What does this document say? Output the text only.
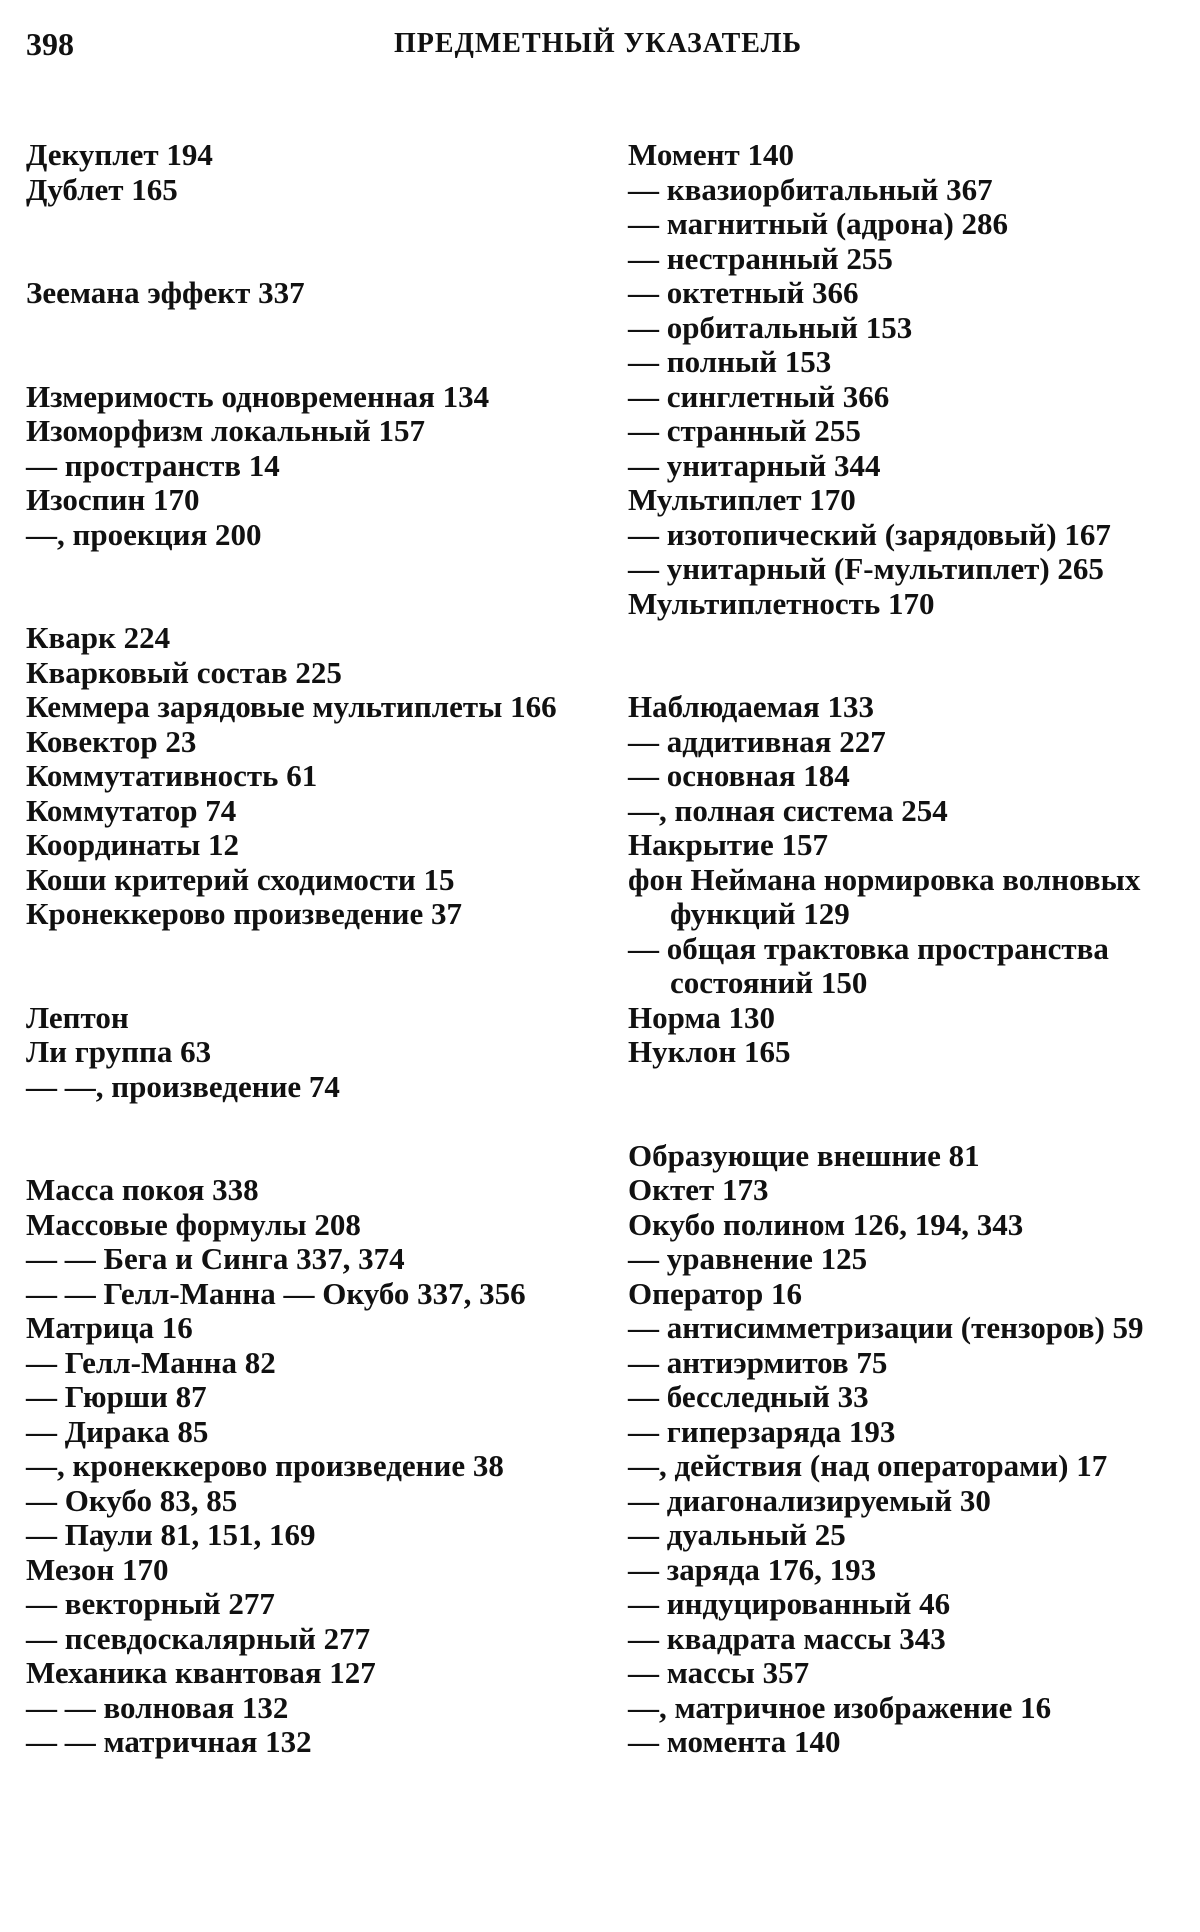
398	ПРЕДМЕТНЫЙ УКАЗАТЕЛЬ
Декуплет 194
Дублет 165
Зеемана эффект 337
Измеримость одновременная 134
Изоморфизм локальный 157
— пространств 14
Изоспин 170
—, проекция 200
Кварк 224
Кварковый состав 225
Кеммера зарядовые мультиплеты 166
Ковектор 23
Коммутативность 61
Коммутатор 74
Координаты 12
Коши критерий сходимости 15
Кронеккерово произведение 37
Лептон
Ли группа 63
— —, произведение 74
Масса покоя 338
Массовые формулы 208
— — Бега и Синга 337, 374
— — Гелл-Манна — Окубо 337, 356
Матрица 16
— Гелл-Манна 82
— Гюрши 87
— Дирака 85
—, кронеккерово произведение 38
— Окубо 83, 85
— Паули 81, 151, 169
Мезон 170
— векторный 277
— псевдоскалярный 277
Механика квантовая 127
— — волновая 132
— — матричная 132
Момент 140
— квазиорбитальный 367
— магнитный (адрона) 286
— нестранный 255
— октетный 366
— орбитальный 153
— полный 153
— синглетный 366
— странный 255
— унитарный 344
Мультиплет 170
— изотопический (зарядовый) 167
— унитарный (F-мультиплет) 265
Мультиплетность 170
Наблюдаемая 133
— аддитивная 227
— основная 184
—, полная система 254
Накрытие 157
фон Неймана нормировка волновых функций 129
— общая трактовка пространства состояний 150
Норма 130
Нуклон 165
Образующие внешние 81
Октет 173
Окубо полином 126, 194, 343
— уравнение 125
Оператор 16
— антисимметризации (тензоров) 59
— антиэрмитов 75
— бесследный 33
— гиперзаряда 193
—, действия (над операторами) 17
— диагонализируемый 30
— дуальный 25
— заряда 176, 193
— индуцированный 46
— квадрата массы 343
— массы 357
—, матричное изображение 16
— момента 140
